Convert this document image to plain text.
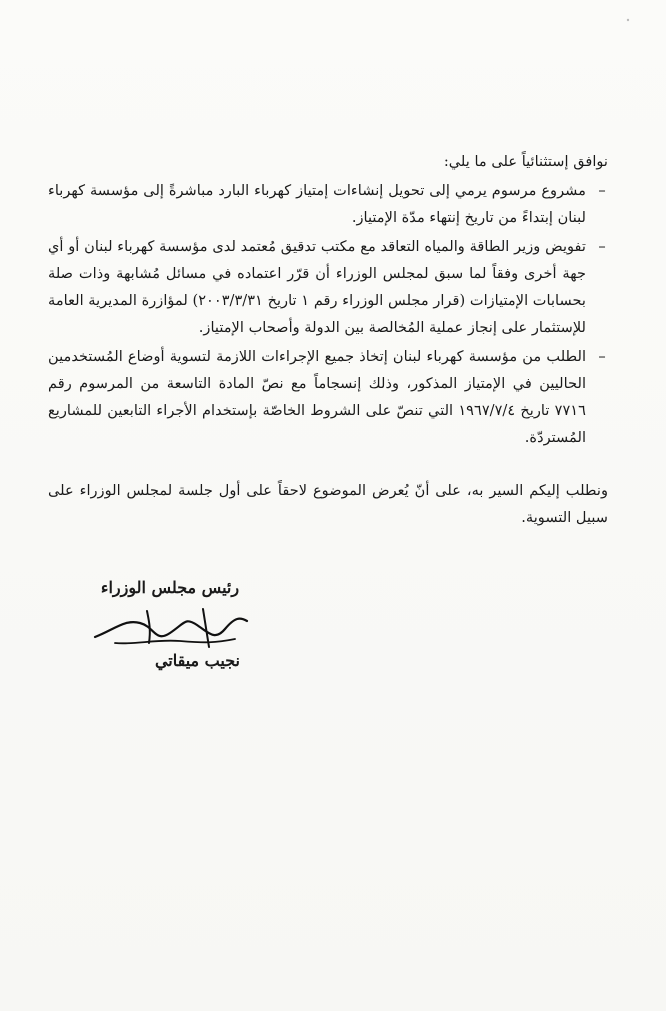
نوافق إستثنائياً على ما يلي:

–
مشروع مرسوم يرمي إلى تحويل إنشاءات إمتياز كهرباء البارد مباشرةً إلى مؤسسة كهرباء لبنان إبتداءً من تاريخ إنتهاء مدّة الإمتياز.
–
تفويض وزير الطاقة والمياه التعاقد مع مكتب تدقيق مُعتمد لدى مؤسسة كهرباء لبنان أو أي جهة أخرى وفقاً لما سبق لمجلس الوزراء أن قرّر اعتماده في مسائل مُشابهة وذات صلة بحسابات الإمتيازات (قرار مجلس الوزراء رقم ١ تاريخ ٢٠٠٣/٣/٣١) لمؤازرة المديرية العامة للإستثمار على إنجاز عملية المُخالصة بين الدولة وأصحاب الإمتياز.
–
الطلب من مؤسسة كهرباء لبنان إتخاذ جميع الإجراءات اللازمة لتسوية أوضاع المُستخدمين الحاليين في الإمتياز المذكور، وذلك إنسجاماً مع نصّ المادة التاسعة من المرسوم رقم ٧٧١٦ تاريخ ١٩٦٧/٧/٤ التي تنصّ على الشروط الخاصّة بإستخدام الأجراء التابعين للمشاريع المُستردّة.

ونطلب إليكم السير به، على أنّ يُعرض الموضوع لاحقاً على أول جلسة لمجلس الوزراء على سبيل التسوية.

رئيس مجلس الوزراء
نجيب ميقاتي
